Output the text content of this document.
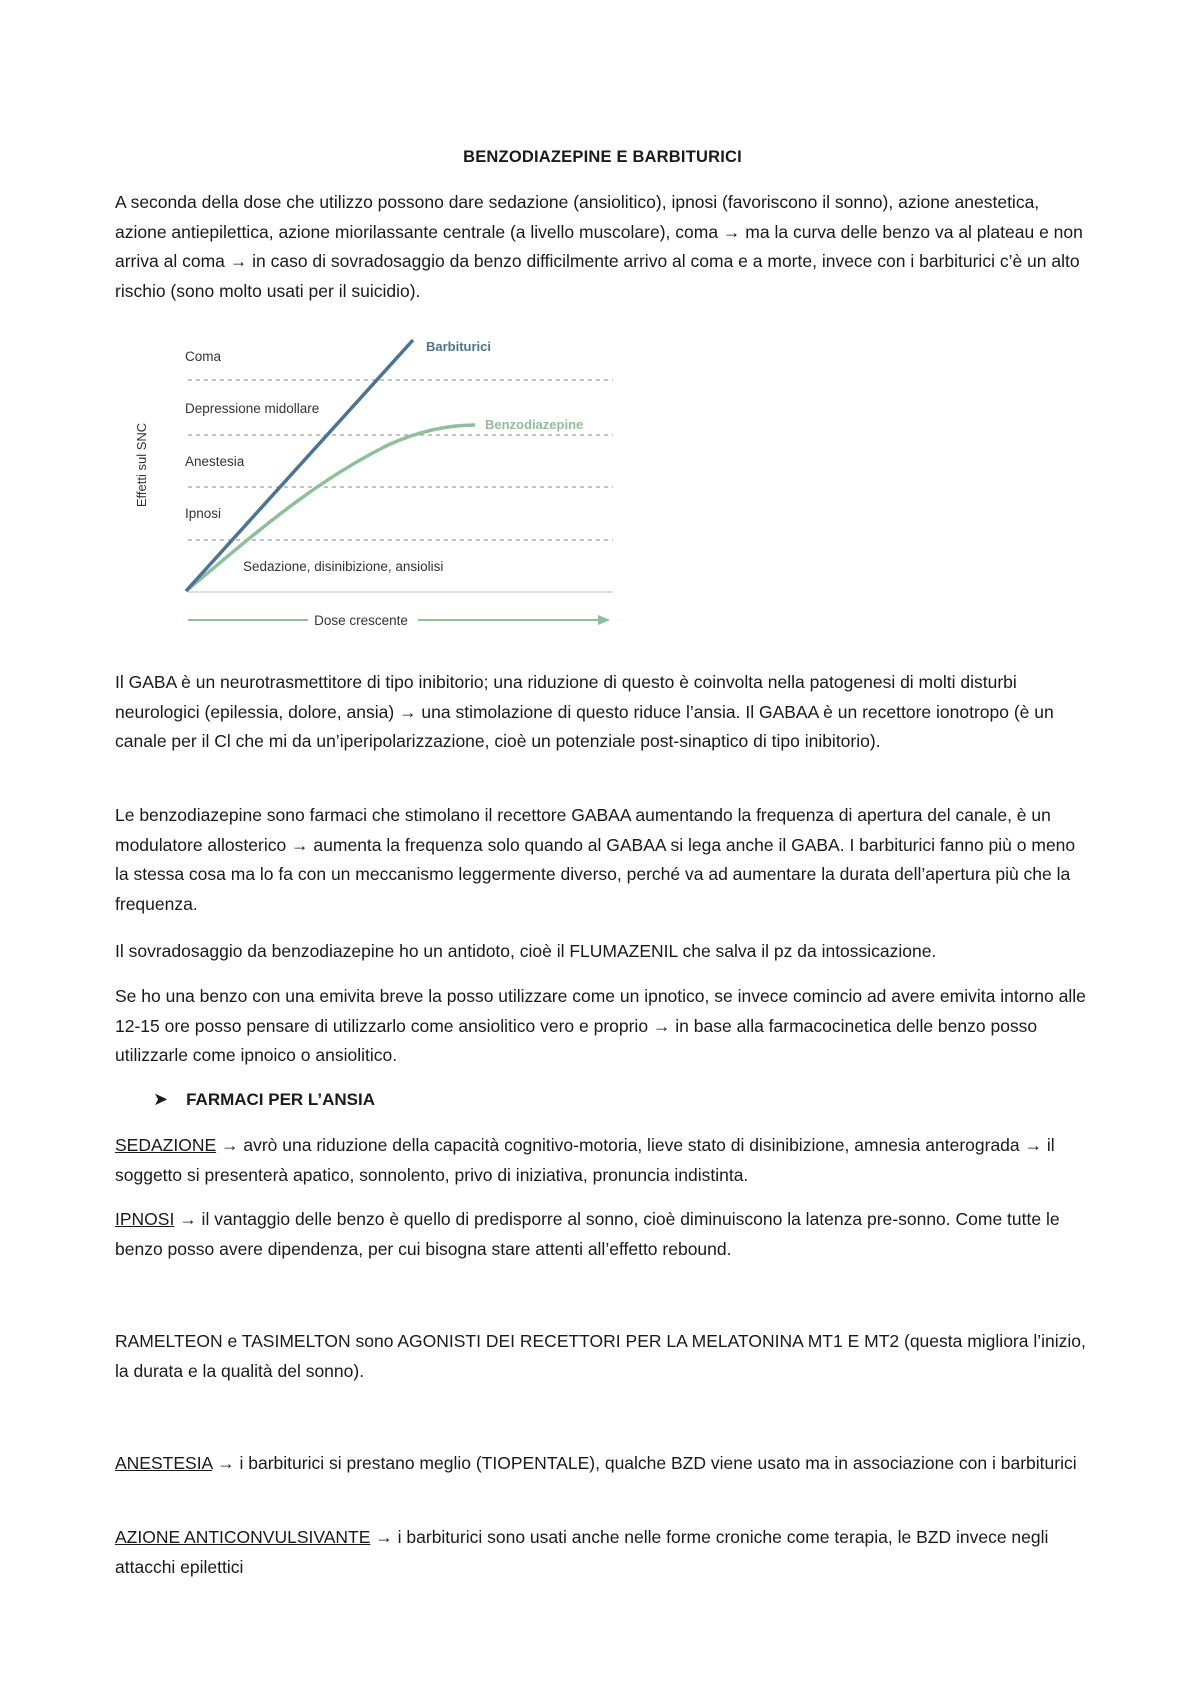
BENZODIAZEPINE E BARBITURICI
A seconda della dose che utilizzo possono dare sedazione (ansiolitico), ipnosi (favoriscono il sonno), azione anestetica, azione antiepilettica, azione miorilassante centrale (a livello muscolare), coma → ma la curva delle benzo va al plateau e non arriva al coma → in caso di sovradosaggio da benzo difficilmente arrivo al coma e a morte, invece con i barbiturici c’è un alto rischio (sono molto usati per il suicidio).
Il GABA è un neurotrasmettitore di tipo inibitorio; una riduzione di questo è coinvolta nella patogenesi di molti disturbi neurologici (epilessia, dolore, ansia) → una stimolazione di questo riduce l’ansia. Il GABAA è un recettore ionotropo (è un canale per il Cl che mi da un’iperipolarizzazione, cioè un potenziale post-sinaptico di tipo inibitorio).
Le benzodiazepine sono farmaci che stimolano il recettore GABAA aumentando la frequenza di apertura del canale, è un modulatore allosterico → aumenta la frequenza solo quando al GABAA si lega anche il GABA. I barbiturici fanno più o meno la stessa cosa ma lo fa con un meccanismo leggermente diverso, perché va ad aumentare la durata dell’apertura più che la frequenza.
Il sovradosaggio da benzodiazepine ho un antidoto, cioè il FLUMAZENIL che salva il pz da intossicazione.
Se ho una benzo con una emivita breve la posso utilizzare come un ipnotico, se invece comincio ad avere emivita intorno alle 12-15 ore posso pensare di utilizzarlo come ansiolitico vero e proprio → in base alla farmacocinetica delle benzo posso utilizzarle come ipnoico o ansiolitico.
➤ FARMACI PER L’ANSIA
SEDAZIONE → avrò una riduzione della capacità cognitivo-motoria, lieve stato di disinibizione, amnesia anterograda → il soggetto si presenterà apatico, sonnolento, privo di iniziativa, pronuncia indistinta.
IPNOSI → il vantaggio delle benzo è quello di predisporre al sonno, cioè diminuiscono la latenza pre-sonno. Come tutte le benzo posso avere dipendenza, per cui bisogna stare attenti all’effetto rebound.
RAMELTEON e TASIMELTON sono AGONISTI DEI RECETTORI PER LA MELATONINA MT1 E MT2 (questa migliora l’inizio, la durata e la qualità del sonno).
ANESTESIA → i barbiturici si prestano meglio (TIOPENTALE), qualche BZD viene usato ma in associazione con i barbiturici
AZIONE ANTICONVULSIVANTE → i barbiturici sono usati anche nelle forme croniche come terapia, le BZD invece negli attacchi epilettici
Effetti sul SNC
Coma
Depressione midollare
Anestesia
Ipnosi
Sedazione, disinibizione, ansiolisi
Barbiturici
Benzodiazepine
Dose crescente
